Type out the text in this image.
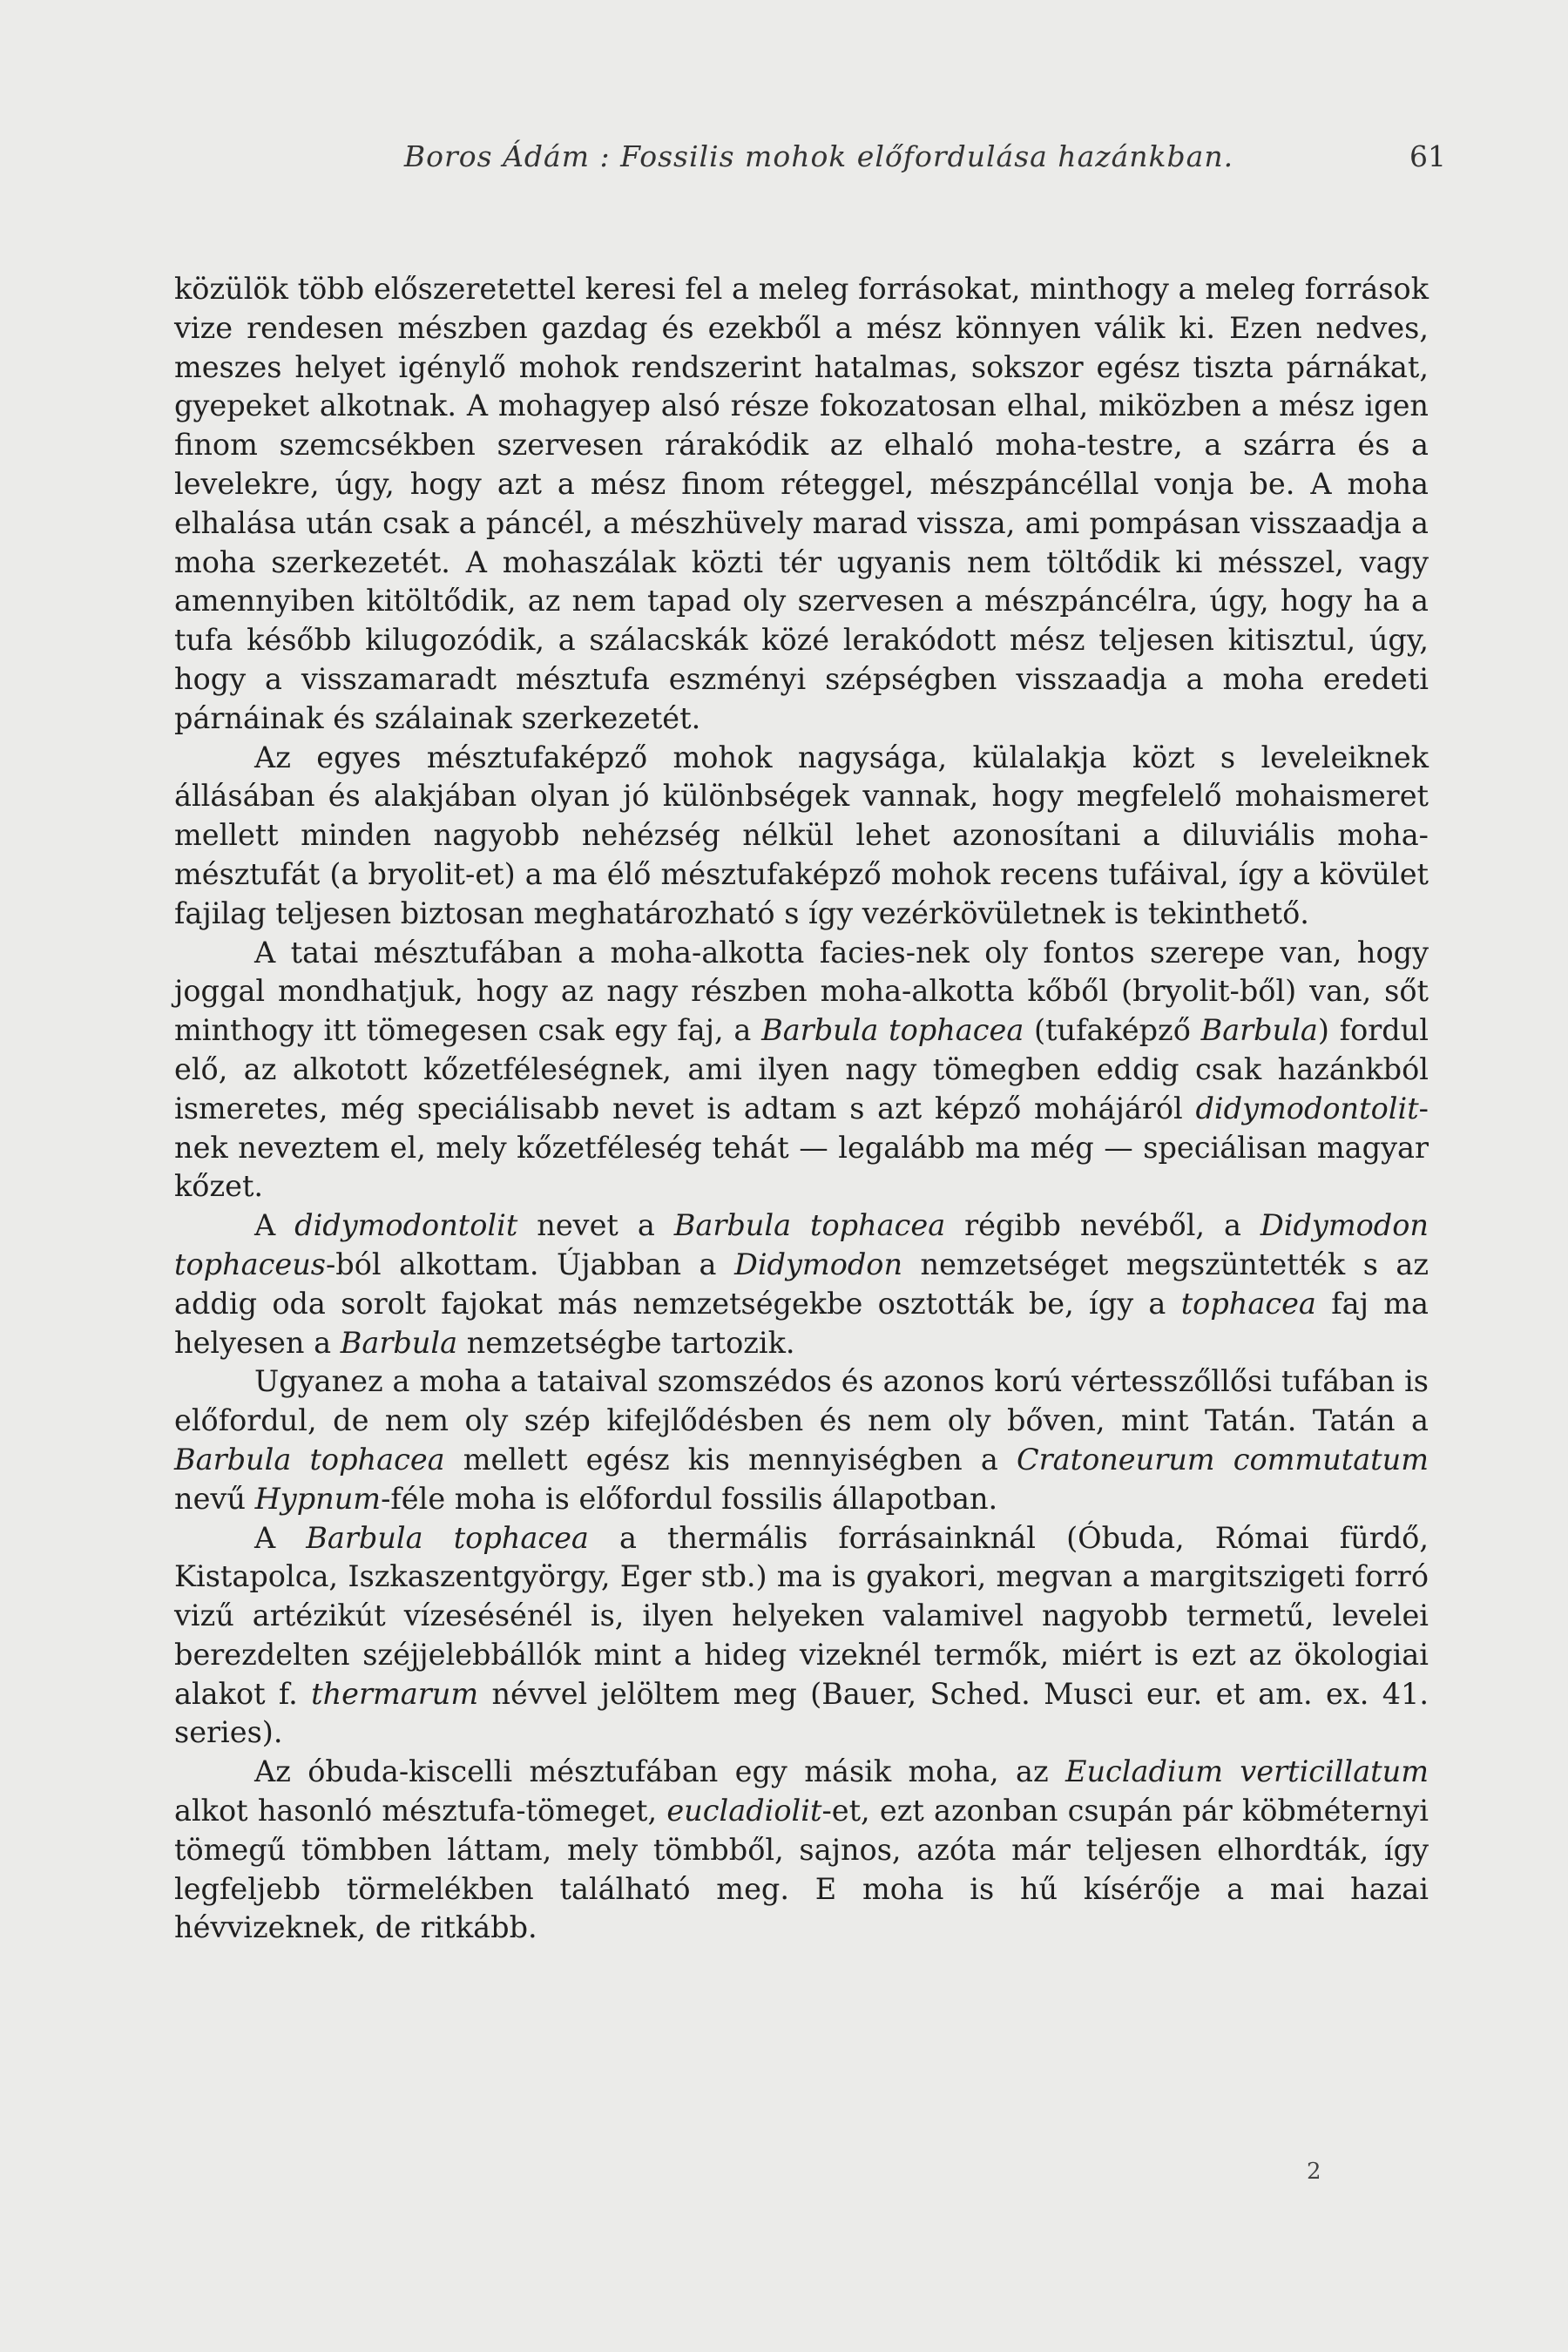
Boros Ádám : Fossilis mohok előfordulása hazánkban.	61

közülök több előszeretettel keresi fel a meleg forrásokat, minthogy a meleg források vize rendesen mészben gazdag és ezekből a mész könnyen válik ki. Ezen nedves, meszes helyet igénylő mohok rendszerint hatalmas, sokszor egész tiszta párnákat, gyepeket alkotnak. A mohagyep alsó része fokozatosan elhal, miközben a mész igen finom szemcsékben szervesen rárakódik az elhaló moha-testre, a szárra és a levelekre, úgy, hogy azt a mész finom réteggel, mészpáncéllal vonja be. A moha elhalása után csak a páncél, a mészhüvely marad vissza, ami pompásan visszaadja a moha szerkezetét. A mohaszálak közti tér ugyanis nem töltődik ki mésszel, vagy amennyiben kitöltődik, az nem tapad oly szervesen a mészpáncélra, úgy, hogy ha a tufa később kilugozódik, a szálacskák közé lerakódott mész teljesen kitisztul, úgy, hogy a visszamaradt mésztufa eszményi szépségben visszaadja a moha eredeti párnáinak és szálainak szerkezetét.

Az egyes mésztufaképző mohok nagysága, külalakja közt s leveleiknek állásában és alakjában olyan jó különbségek vannak, hogy megfelelő mohaismeret mellett minden nagyobb nehézség nélkül lehet azonosítani a diluviális moha-mésztufát (a bryolit-et) a ma élő mésztufaképző mohok recens tufáival, így a kövület fajilag teljesen biztosan meghatározható s így vezérkövületnek is tekinthető.

A tatai mésztufában a moha-alkotta facies-nek oly fontos szerepe van, hogy joggal mondhatjuk, hogy az nagy részben moha-alkotta kőből (bryolit-ből) van, sőt minthogy itt tömegesen csak egy faj, a Barbula tophacea (tufaképző Barbula) fordul elő, az alkotott kőzetféleségnek, ami ilyen nagy tömegben eddig csak hazánkból ismeretes, még speciálisabb nevet is adtam s azt képző mohájáról didymodontolit-nek neveztem el, mely kőzetféleség tehát — legalább ma még — speciálisan magyar kőzet.

A didymodontolit nevet a Barbula tophacea régibb nevéből, a Didymodon tophaceus-ból alkottam. Újabban a Didymodon nemzetséget megszüntették s az addig oda sorolt fajokat más nemzetségekbe osztották be, így a tophacea faj ma helyesen a Barbula nemzetségbe tartozik.

Ugyanez a moha a tataival szomszédos és azonos korú vértesszőllősi tufában is előfordul, de nem oly szép kifejlődésben és nem oly bőven, mint Tatán. Tatán a Barbula tophacea mellett egész kis mennyiségben a Cratoneurum commutatum nevű Hypnum-féle moha is előfordul fossilis állapotban.

A Barbula tophacea a thermális forrásainknál (Óbuda, Római fürdő, Kistapolca, Iszkaszentgyörgy, Eger stb.) ma is gyakori, megvan a margitszigeti forró vizű artézikút vízesésénél is, ilyen helyeken valamivel nagyobb termetű, levelei berezdelten széjjelebbállók mint a hideg vizeknél termők, miért is ezt az ökologiai alakot f. thermarum névvel jelöltem meg (Bauer, Sched. Musci eur. et am. ex. 41. series).

Az óbuda-kiscelli mésztufában egy másik moha, az Eucladium verticillatum alkot hasonló mésztufa-tömeget, eucladiolit-et, ezt azonban csupán pár köbméternyi tömegű tömbben láttam, mely tömbből, sajnos, azóta már teljesen elhordták, így legfeljebb törmelékben található meg. E moha is hű kísérője a mai hazai hévvizeknek, de ritkább.

2
